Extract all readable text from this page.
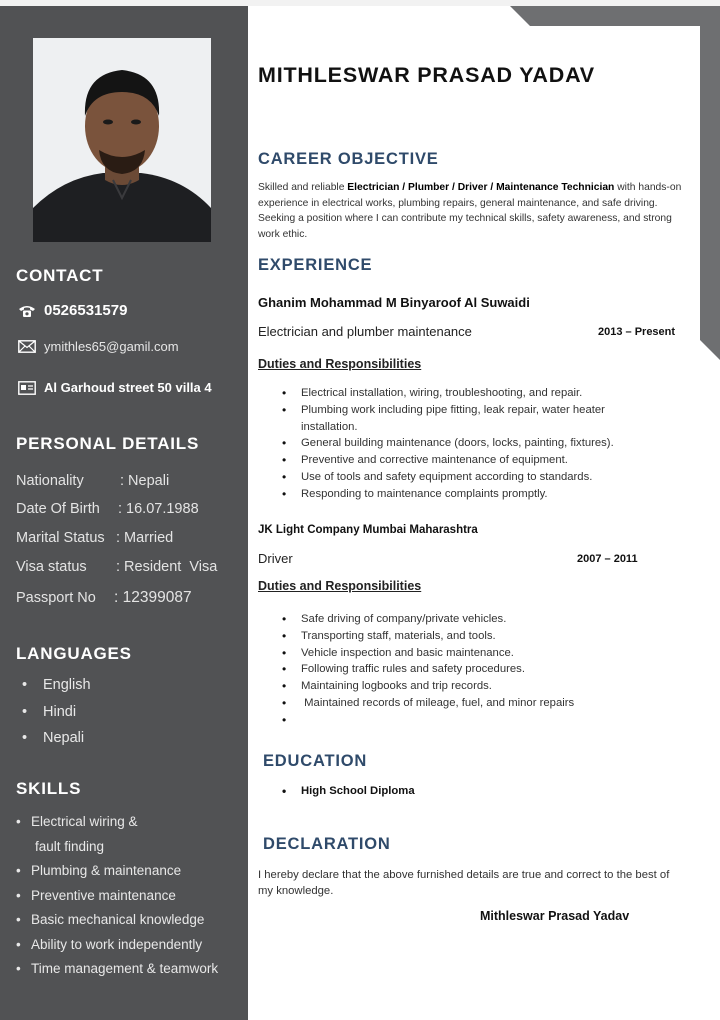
CONTACT
0526531579
ymithles65@gamil.com
Al Garhoud street 50 villa 4
PERSONAL DETAILS
Nationality	: Nepali
Date Of Birth : 16.07.1988
Marital Status : Married
Visa status : Resident  Visa
Passport No : 12399087
LANGUAGES
• English
• Hindi
• Nepali
SKILLS
• Electrical wiring &
fault finding
• Plumbing & maintenance
• Preventive maintenance
• Basic mechanical knowledge
• Ability to work independently
• Time management & teamwork
MITHLESWAR PRASAD YADAV
CAREER OBJECTIVE
Skilled and reliable Electrician / Plumber / Driver / Maintenance Technician with hands-on experience in electrical works, plumbing repairs, general maintenance, and safe driving. Seeking a position where I can contribute my technical skills, safety awareness, and strong work ethic.
EXPERIENCE
Ghanim Mohammad M Binyaroof Al Suwaidi
Electrician and plumber maintenance	2013 – Present
Duties and Responsibilities
• Electrical installation, wiring, troubleshooting, and repair.
• Plumbing work including pipe fitting, leak repair, water heater installation.
• General building maintenance (doors, locks, painting, fixtures).
• Preventive and corrective maintenance of equipment.
• Use of tools and safety equipment according to standards.
• Responding to maintenance complaints promptly.
JK Light Company Mumbai Maharashtra
Driver	2007 – 2011
Duties and Responsibilities
• Safe driving of company/private vehicles.
• Transporting staff, materials, and tools.
• Vehicle inspection and basic maintenance.
• Following traffic rules and safety procedures.
• Maintaining logbooks and trip records.
•  Maintained records of mileage, fuel, and minor repairs
•
EDUCATION
• High School Diploma
DECLARATION
I hereby declare that the above furnished details are true and correct to the best of my knowledge.
Mithleswar Prasad Yadav
